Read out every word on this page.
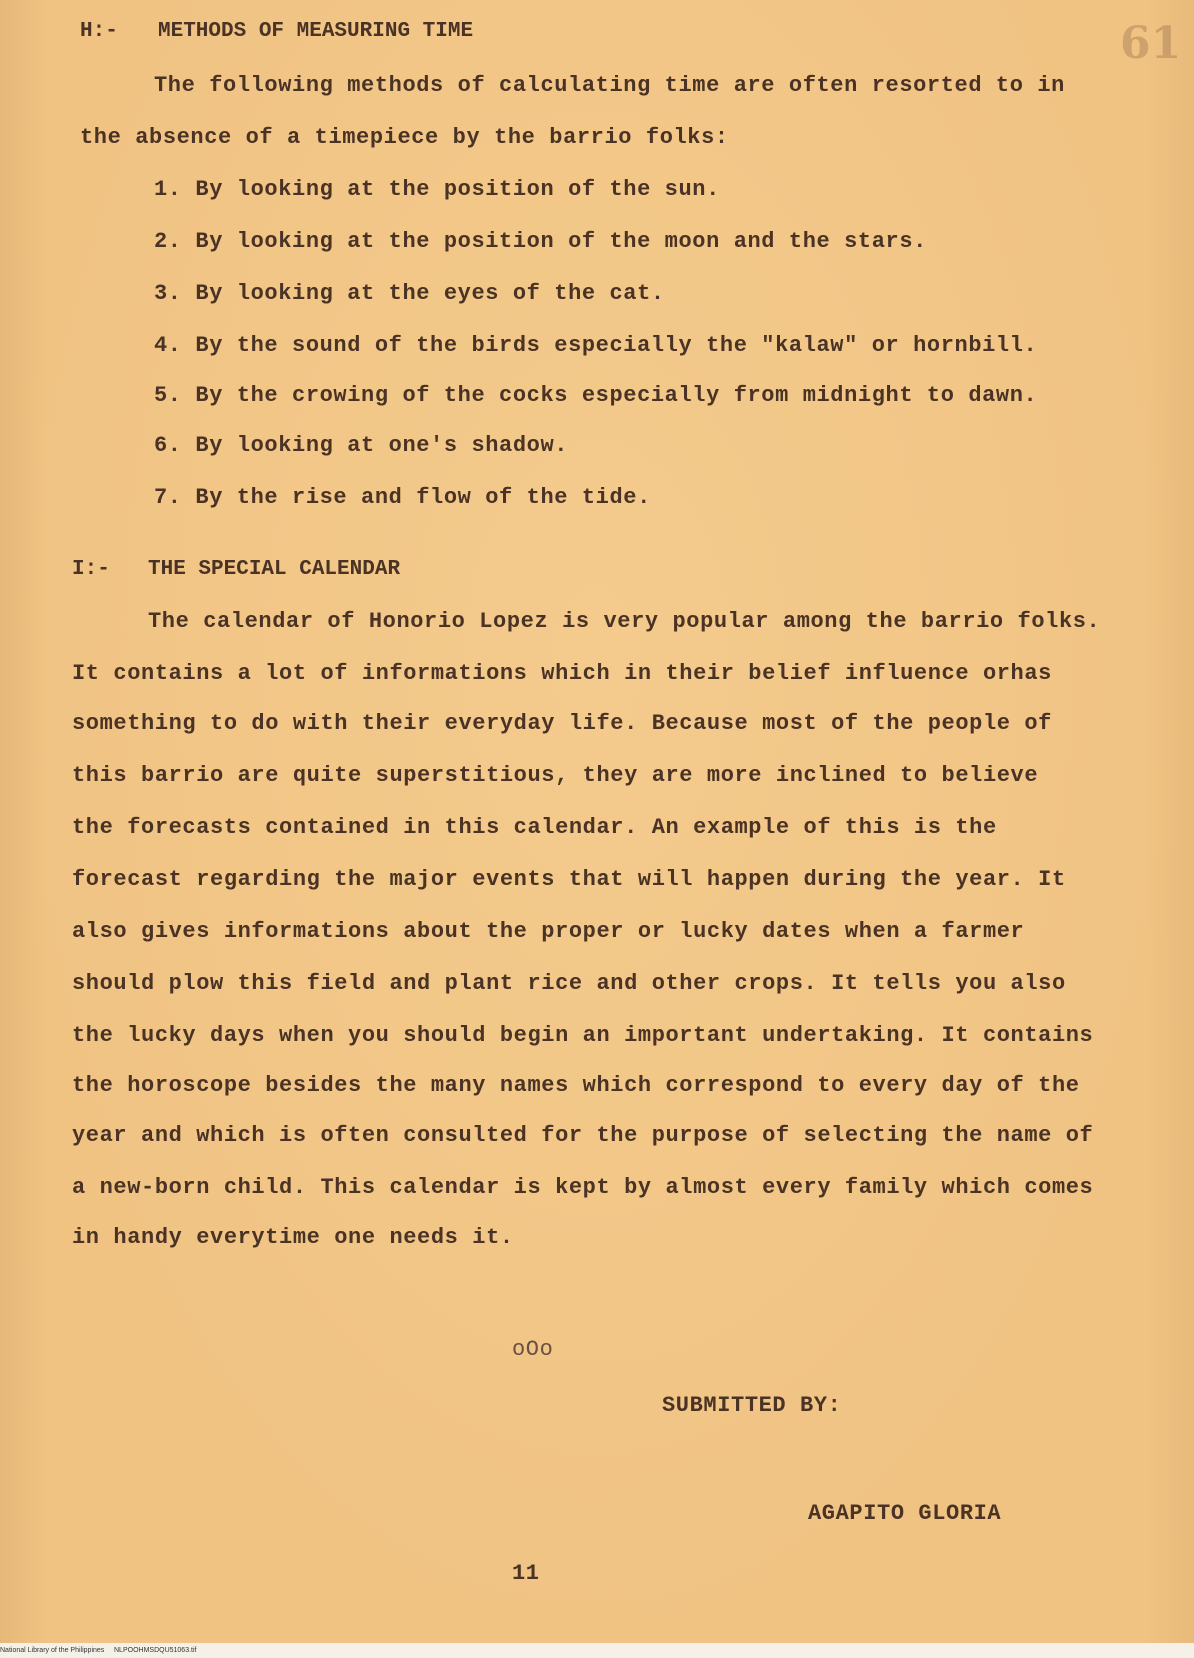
61
H:- METHODS OF MEASURING TIME
The following methods of calculating time are often resorted to in
the absence of a timepiece by the barrio folks:
1. By looking at the position of the sun.
2. By looking at the position of the moon and the stars.
3. By looking at the eyes of the cat.
4. By the sound of the birds especially the "kalaw" or hornbill.
5. By the crowing of the cocks especially from midnight to dawn.
6. By looking at one's shadow.
7. By the rise and flow of the tide.
I:- THE SPECIAL CALENDAR
The calendar of Honorio Lopez is very popular among the barrio folks.
It contains a lot of informations which in their belief influence orhas
something to do with their everyday life. Because most of the people of
this barrio are quite superstitious, they are more inclined to believe
the forecasts contained in this calendar. An example of this is the
forecast regarding the major events that will happen during the year. It
also gives informations about the proper or lucky dates when a farmer
should plow this field and plant rice and other crops. It tells you also
the lucky days when you should begin an important undertaking. It contains
the horoscope besides the many names which correspond to every day of the
year and which is often consulted for the purpose of selecting the name of
a new-born child. This calendar is kept by almost every family which comes
in handy everytime one needs it.
oOo
SUBMITTED BY:
AGAPITO GLORIA
11
National Library of the Philippines     NLPOOHMSDQU51063.tif
